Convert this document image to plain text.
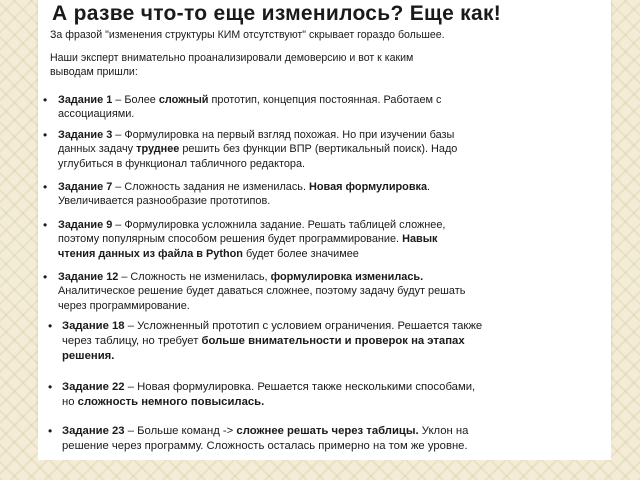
А разве что-то еще изменилось? Еще как!

За фразой "изменения структуры КИМ отсутствуют" скрывает гораздо большее.

Наши эксперт внимательно проанализировали демоверсию и вот к каким
выводам пришли:

• Задание 1 – Более сложный прототип, концепция постоянная. Работаем с
ассоциациями.
• Задание 3 – Формулировка на первый взгляд похожая. Но при изучении базы
данных задачу труднее решить без функции ВПР (вертикальный поиск). Надо
углубиться в функционал табличного редактора.
• Задание 7 – Сложность задания не изменилась. Новая формулировка.
Увеличивается разнообразие прототипов.
• Задание 9 – Формулировка усложнила задание. Решать таблицей сложнее,
поэтому популярным способом решения будет программирование. Навык
чтения данных из файла в Python будет более значимее
• Задание 12 – Сложность не изменилась, формулировка изменилась.
Аналитическое решение будет даваться сложнее, поэтому задачу будут решать
через программирование.
• Задание 18 – Усложненный прототип с условием ограничения. Решается также
через таблицу, но требует больше внимательности и проверок на этапах
решения.
• Задание 22 – Новая формулировка. Решается также несколькими способами,
но сложность немного повысилась.
• Задание 23 – Больше команд -> сложнее решать через таблицы. Уклон на
решение через программу. Сложность осталась примерно на том же уровне.
